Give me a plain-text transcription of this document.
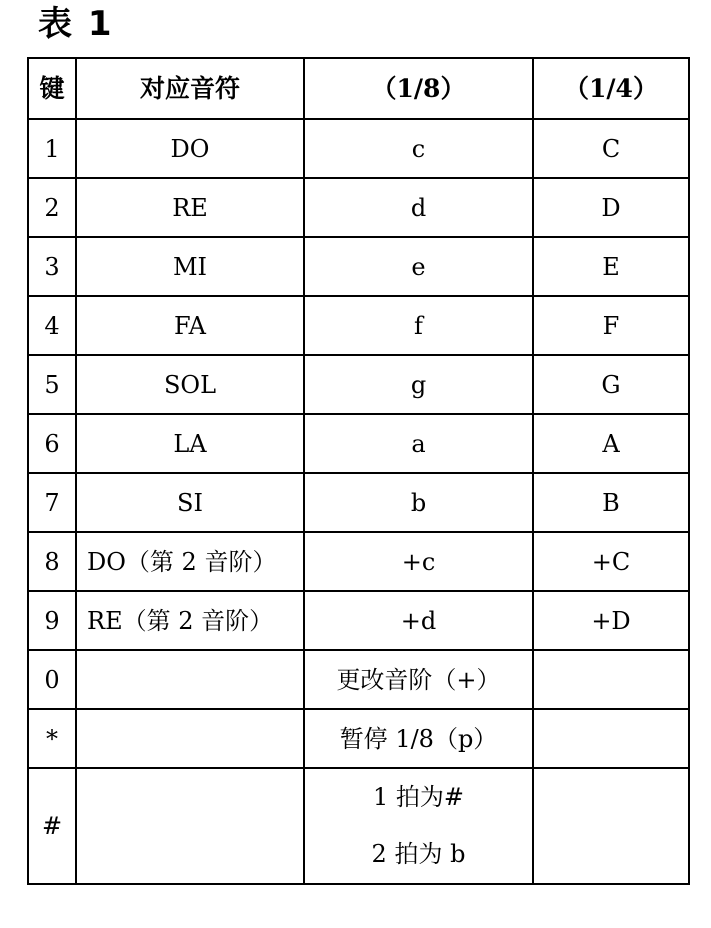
表 1
键	对应音符	（1/8）	（1/4）
1	DO	c	C
2	RE	d	D
3	MI	e	E
4	FA	f	F
5	SOL	g	G
6	LA	a	A
7	SI	b	B
8	DO（第 2 音阶）	+c	+C
9	RE（第 2 音阶）	+d	+D
0		更改音阶（+）	
*		暂停 1/8（p）	
#		1 拍为#
2 拍为 b	
